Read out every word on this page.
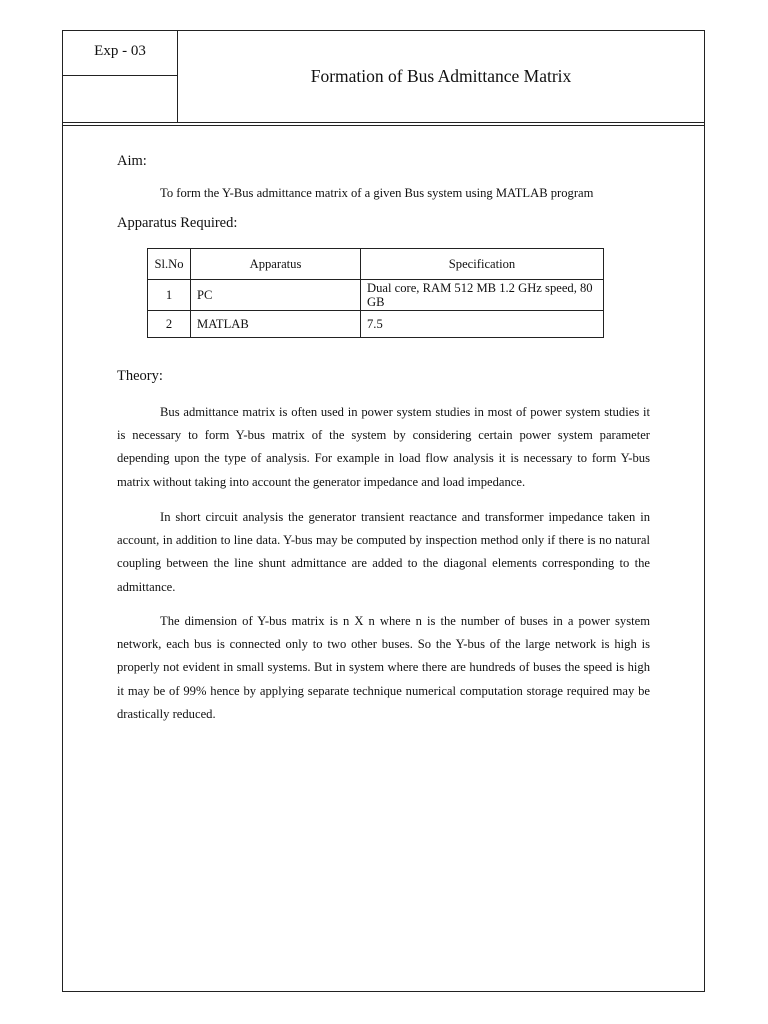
Exp - 03
Formation of Bus Admittance Matrix
Aim:
To form the Y-Bus admittance matrix of a given Bus system using MATLAB program
Apparatus Required:
Sl.No	Apparatus	Specification
1	PC	Dual core, RAM 512 MB 1.2 GHz speed, 80 GB
2	MATLAB	7.5
Theory:
Bus admittance matrix is often used in power system studies in most of power system studies it is necessary to form Y-bus matrix of the system by considering certain power system parameter depending upon the type of analysis. For example in load flow analysis it is necessary to form Y-bus matrix without taking into account the generator impedance and load impedance.
In short circuit analysis the generator transient reactance and transformer impedance taken in account, in addition to line data. Y-bus may be computed by inspection method only if there is no natural coupling between the line shunt admittance are added to the diagonal elements corresponding to the admittance.
The dimension of Y-bus matrix is n X n where n is the number of buses in a power system network, each bus is connected only to two other buses. So the Y-bus of the large network is high is properly not evident in small systems. But in system where there are hundreds of buses the speed is high it may be of 99% hence by applying separate technique numerical computation storage required may be drastically reduced.
